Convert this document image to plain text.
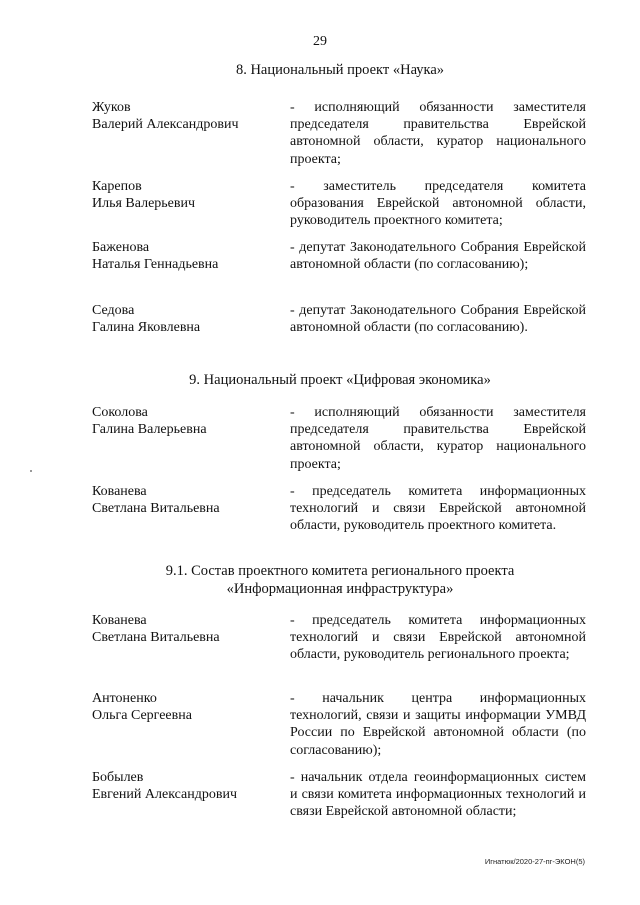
29
8. Национальный проект «Наука»
Жуков
Валерий Александрович
- исполняющий обязанности заместителя председателя правительства Еврейской автономной области, куратор национального проекта;
Карепов
Илья Валерьевич
- заместитель председателя комитета образования Еврейской автономной области, руководитель проектного комитета;
Баженова
Наталья Геннадьевна
- депутат Законодательного Собрания Еврейской автономной области (по согласованию);
Седова
Галина Яковлевна
- депутат Законодательного Собрания Еврейской автономной области (по согласованию).
9. Национальный проект «Цифровая экономика»
Соколова
Галина Валерьевна
- исполняющий обязанности заместителя председателя правительства Еврейской автономной области, куратор национального проекта;
Кованева
Светлана Витальевна
- председатель комитета информационных технологий и связи Еврейской автономной области, руководитель проектного комитета.
9.1. Состав проектного комитета регионального проекта
«Информационная инфраструктура»
Кованева
Светлана Витальевна
- председатель комитета информационных технологий и связи Еврейской автономной области, руководитель регионального проекта;
Антоненко
Ольга Сергеевна
- начальник центра информационных технологий, связи и защиты информации УМВД России по Еврейской автономной области (по согласованию);
Бобылев
Евгений Александрович
- начальник отдела геоинформационных систем и связи комитета информационных технологий и связи Еврейской автономной области;
Игнатюк/2020-27-пг-ЭКОН(5)
